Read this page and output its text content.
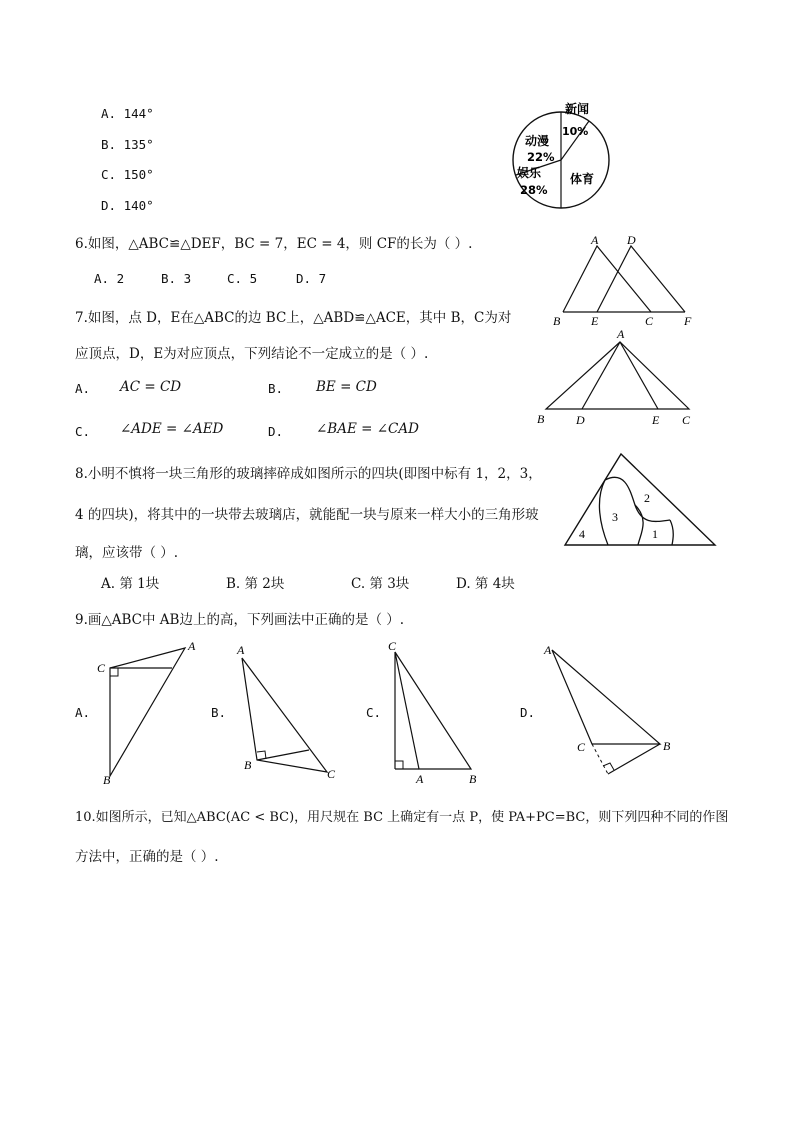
A. 144°
B. 135°
C. 150°
D. 140°
新闻
10%
体育
娱乐
28%
动漫
22%
6.如图，△ABC≌△DEF，BC = 7，EC = 4，则 CF的长为（ ）.
A. 2	B. 3	C. 5	D. 7
A D
B	E	C	F
7.如图，点 D，E在△ABC的边 BC上，△ABD≌△ACE，其中 B，C为对
应顶点，D，E为对应顶点，下列结论不一定成立的是（ ）.
A. AC = CD	B. BE = CD
C. ∠ADE = ∠AED	D. ∠BAE = ∠CAD
A
B	D	E C
8.小明不慎将一块三角形的玻璃摔碎成如图所示的四块(即图中标有 1，2，3，
4 的四块)，将其中的一块带去玻璃店，就能配一块与原来一样大小的三角形玻
璃，应该带（ ）.
A. 第 1块	B. 第 2块	C. 第 3块	D. 第 4块
1
2
3
4
9.画△ABC中 AB边上的高，下列画法中正确的是（ ）.
A.
C
A
B
B.
A
B
C
C.
C
A	B
D.
A
C	B
10.如图所示，已知△ABC(AC < BC)，用尺规在 BC 上确定有一点 P，使 PA+PC=BC，则下列四种不同的作图
方法中，正确的是（ ）.
